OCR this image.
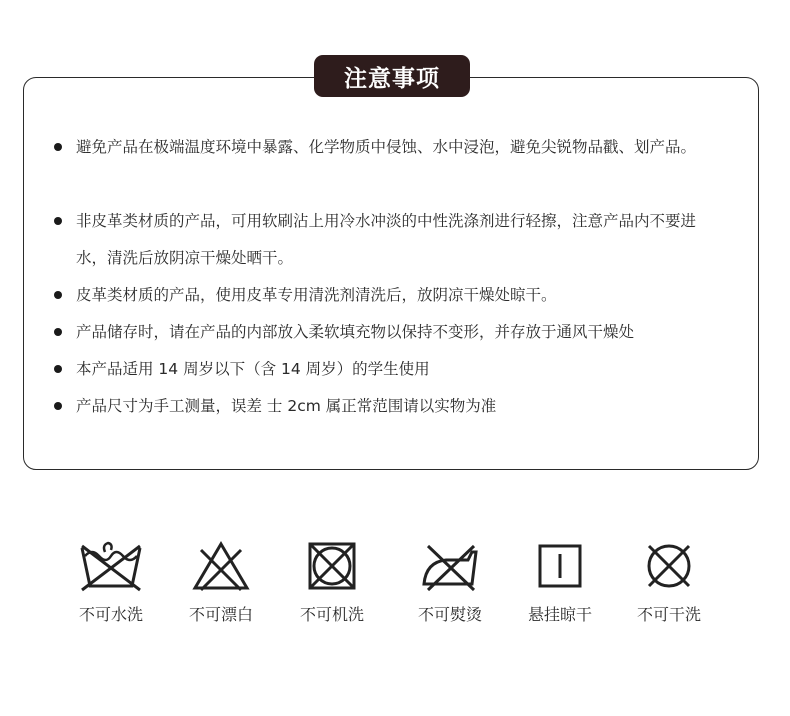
注意事项
避免产品在极端温度环境中暴露、化学物质中侵蚀、水中浸泡，避免尖锐物品戳、划产品。
非皮革类材质的产品，可用软刷沾上用冷水冲淡的中性洗涤剂进行轻擦，注意产品内不要进水，清洗后放阴凉干燥处晒干。
皮革类材质的产品，使用皮革专用清洗剂清洗后，放阴凉干燥处晾干。
产品储存时，请在产品的内部放入柔软填充物以保持不变形，并存放于通风干燥处
本产品适用 14 周岁以下（含 14 周岁）的学生使用
产品尺寸为手工测量，误差 士 2cm 属正常范围请以实物为准
不可水洗	不可漂白	不可机洗	不可熨烫	悬挂晾干	不可干洗
